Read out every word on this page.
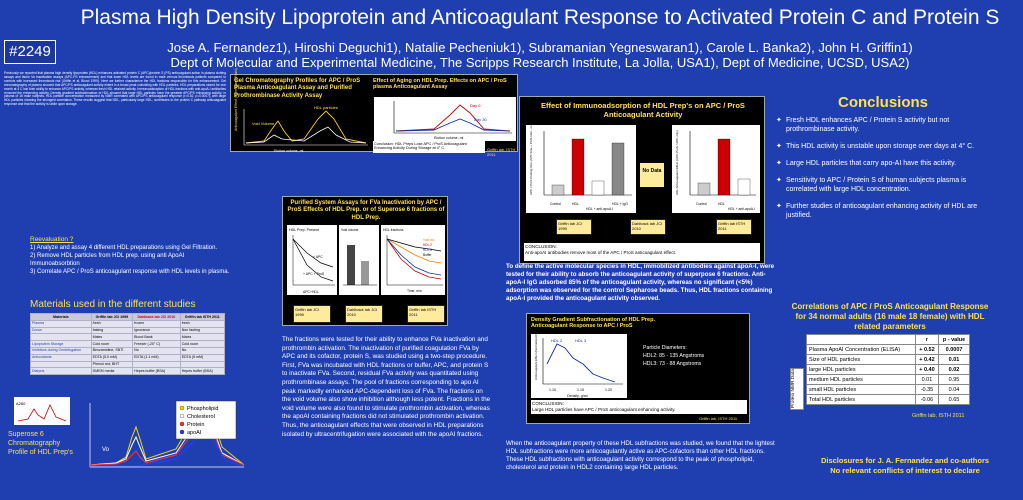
Plasma High Density Lipoprotein and Anticoagulant Response to Activated Protein C and Protein S
#2249	Jose A. Fernandez1), Hiroshi Deguchi1), Natalie Pecheniuk1), Subramanian Yegneswaran1), Carole L. Banka2), John H. Griffin1)
Dept of Molecular and Experimental Medicine, The Scripps Research Institute, La Jolla, USA1), Dept of Medicine, UCSD, USA2)
Previously we reported that plasma high density lipoprotein (HDL) enhances activated protein C (APC)/protein S (PS) anticoagulant action in plasma clotting assays and factor Va inactivation assays (APC-PS enhancement) and that lower HDL levels are found in male venous thrombosis patients compared to controls with increased thrombosis risk (Griffin et al, Blood 1999). Here we further characterize the HDL fractions responsible for this enhancement. Gel chromatography of plasma showed that APC/PS anticoagulant activity eluted in a broad peak coinciding with HDL particles. HDL preparations stored for one month at 4 C lost their ability to enhance APC/PS activity, whereas fresh HDL retained activity. Immunoadsorption of HDL fractions with anti-apoA-I antibodies removed the enhancing activity. Density gradient subfractionation of HDL showed that large HDL particles have the greatest APC/PS enhancing activity. In plasma of 16 male subjects, HDL particle concentration measured by NMR correlated with APC/PS anticoagulant response (r=0.52, p=0.0007), with large HDL particles showing the strongest correlation. These results suggest that HDL, particularly large HDL, contributes to the protein C pathway anticoagulant response and that the activity is labile upon storage.
Reevaluation ?
1) Analyze and assay 4 different HDL preparations using Gel Filtration.
2) Remove HDL particles from HDL prep. using anti ApoAI Immunoabsorbtion
3) Correlate APC / ProS anticoagulant response with HDL levels in plasma.
Materials used in the different studies
Materials	Griffin lab JCI 1999	Dahlback lab JCI 2010	Griffin lab ISTH 2011
Plasma	fresh	frozen	fresh
Donor	fasting	Ignorance	Non fasting
	Males	Blood Bank	Males
Lipoprotein Storage	Cold room	Freezer (-20° C)	Cold room
Inhibitors during Centrifugation	Benzamidine, SBTI	No	No
Antioxidants	EDTA (5.0 mM)	EDTA (1.1 mM)	EDTA (5 mM)
	Phenol red, BHT		
Dialysis	DMEM media	Hepes buffer (BSA)	Hepes buffer (BSA)
Superose 6 Chromatography Profile of HDL Prep's	Vo
Phospholipid
Cholesterol
Protein
apoAI
A280
Gel Chromatography Profiles for APC / ProS Plasma Anticoagulant Assay and Purified Prothrombinase Activity Assay
Effect of Aging on HDL Prep. Effects on APC / ProS plasma Anticoagulant Assay
Anticoagulant Effect (Normalized Ratio)	Void Volume
HDL particles
Elution volume, ml
Day 0
Day 30
Elution volume, ml
Conclusion: HDL Preps Lose APC / ProS Anticoagulant Enhancing Activity During Storage at 4° C.	Griffin lab, ISTH 2011
Purified System Assays for FVa Inactivation by APC / ProS Effects of HDL Prep. or of Superose 6 fractions of HDL Prep.
HDL Prep. Present
+ APC
+ APC + ProS
APC+HDL
Void volume	HDL fractions
Void vol.
HDL 2
HDL 3
Buffer
Time, min
Griffin lab JCI 1999
Dahlback lab JCI 2010
Griffin lab ISTH 2011
The fractions were tested for their ability to enhance FVa inactivation and prothrombin activation. The inactivation of purified coagulation FVa by APC and its cofactor, protein S, was studied using a two-step procedure. First, FVa was incubated with HDL fractions or buffer, APC, and protein S to inactivate FVa. Second, residual FVa activity was quantitated using prothrombinase assays. The pool of fractions corresponding to apo AI peak markedly enhanced APC-dependent loss of FVa. The fractions on the void volume also show inhibition although less potent. Fractions in the void volume were also found to stimulate prothrombin activation, whereas the apoAI containing fractions did not stimulated prothrombin activation. Thus, the anticoagulant effects that were observed in HDL preparations isolated by ultracentrifugation were associated with the apoAI fractions.
Effect of Immunoadsorption of HDL Prep's on APC / ProS Anticoagulant Activity
Control	HDL
HDL + anti-apoA-I
HDL + IgG
APC / ProS Clotting time (APC time + ProS time - control)	No Data
Control	HDL
HDL + anti-apoA-I
HDL Anticoagulant Effect (APC-ProS / APC only)
Griffin lab JCI 1999
Dahlback lab JCI 2010
Griffin lab ISTH 2011
CONCLUSION:
Anti-apoAI antibodies remove most of the APC / ProS anticoagulant effect.
To define the active molecular species in HDL, immobilized antibodies against apoA-I, were tested for their ability to absorb the anticoagulant activity of superpose 6 fractions. Anti-apoA-I IgG adsorbed 85% of the anticoagulant activity, whereas no significant (<5%) adsorption was observed for the control Sepharose beads. Thus, HDL fractions containing apoA-I provided the anticoagulant activity observed.
Density Gradient Subfractionation of HDL Prep. Anticoagulant Response to APC / ProS
HDL 2	HDL 3
1.10	1.15	1.20
Density, g/ml
Anticoagulant Effect (Normalized Ratio)	Particle Diameters:
HDL2: 85 - 135 Angstroms
HDL3: 73 - 88 Angstroms
CONCLUSION:
Large HDL particles have APC / ProS anticoagulant enhancing activity.
Griffin lab, ISTH 2011
When the anticoagulant property of these HDL subfractions was studied, we found that the lightest HDL subfractions were more anticoagulantly active as APC-cofactors than other HDL fractions. These HDL subfractions with anticoagulant activity correspond to the peak of phospholipid, cholesterol and protein in HDL2 containing large HDL particles.
Conclusions
✦ Fresh HDL enhances APC / Protein S activity but not prothrombinase activity.
✦ This HDL activity is unstable upon storage over days at 4° C.
✦ Large HDL particles that carry apo-AI have this activity.
✦ Sensitivity to APC / Protein S of human subjects plasma is correlated with large HDL concentration.
✦ Further studies of anticoagulant enhancing activity of HDL are justified.
Correlations of APC / ProS Anticoagulant Response for 34 normal adults (16 male 18 female) with HDL related parameters
Protein NMR Data
	r	p - value
Plasma ApoAI Concentration (ELISA)	+ 0.52	0.0007
Size of HDL particles	+ 0.42	0.01
large HDL particles	+ 0.40	0.02
medium HDL particles	0.01	0.95
small HDL particles	-0.35	0.04
Total HDL particles	-0.06	0.65
Griffin lab, ISTH 2011
Disclosures for J. A. Fernandez and co-authors
No relevant conflicts of interest to declare
